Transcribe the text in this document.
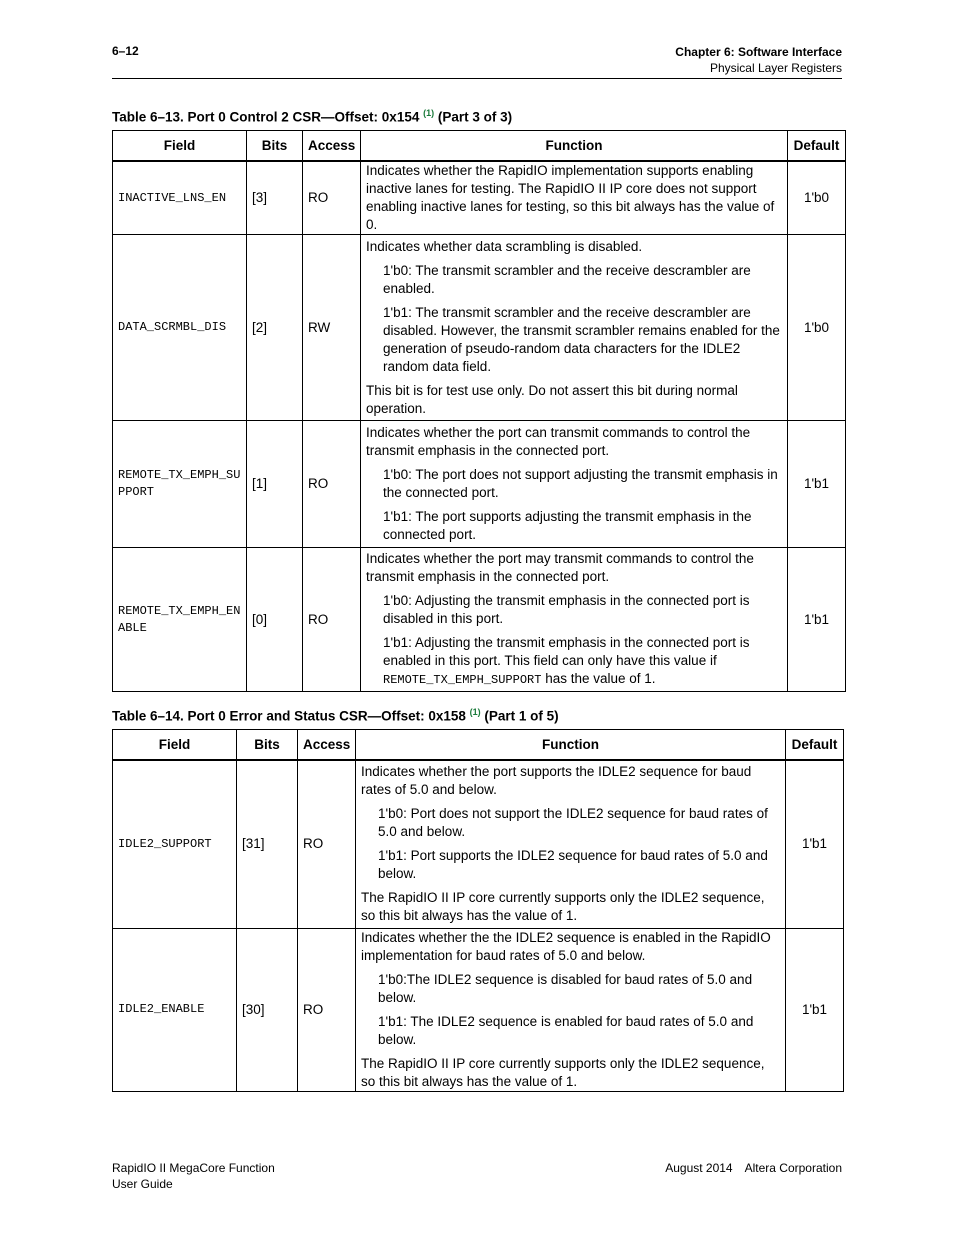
6–12	Chapter 6: Software Interface
Physical Layer Registers
Table 6–13. Port 0 Control 2 CSR—Offset: 0x154 $^{(1)}$ (Part 3 of 3)
Field	Bits	Access	Function	Default
INACTIVE_LNS_EN	[3]	RO	Indicates whether the RapidIO implementation supports enabling inactive lanes for testing. The RapidIO II IP core does not support enabling inactive lanes for testing, so this bit always has the value of 0.	1'b0
DATA_SCRMBL_DIS	[2]	RW	Indicates whether data scrambling is disabled.
1'b0: The transmit scrambler and the receive descrambler are enabled.
1'b1: The transmit scrambler and the receive descrambler are disabled. However, the transmit scrambler remains enabled for the generation of pseudo-random data characters for the IDLE2 random data field.
This bit is for test use only. Do not assert this bit during normal operation.	1'b0
REMOTE_TX_EMPH_SUPPORT	[1]	RO	Indicates whether the port can transmit commands to control the transmit emphasis in the connected port.
1'b0: The port does not support adjusting the transmit emphasis in the connected port.
1'b1: The port supports adjusting the transmit emphasis in the connected port.	1'b1
REMOTE_TX_EMPH_ENABLE	[0]	RO	Indicates whether the port may transmit commands to control the transmit emphasis in the connected port.
1'b0: Adjusting the transmit emphasis in the connected port is disabled in this port.
1'b1: Adjusting the transmit emphasis in the connected port is enabled in this port. This field can only have this value if
REMOTE_TX_EMPH_SUPPORT has the value of 1.	1'b1
Table 6–14. Port 0 Error and Status CSR—Offset: 0x158 $^{(1)}$ (Part 1 of 5)
Field	Bits	Access	Function	Default
IDLE2_SUPPORT	[31]	RO	Indicates whether the port supports the IDLE2 sequence for baud rates of 5.0 and below.
1'b0: Port does not support the IDLE2 sequence for baud rates of 5.0 and below.
1'b1: Port supports the IDLE2 sequence for baud rates of 5.0 and below.
The RapidIO II IP core currently supports only the IDLE2 sequence, so this bit always has the value of 1.	1'b1
IDLE2_ENABLE	[30]	RO	Indicates whether the the IDLE2 sequence is enabled in the RapidIO implementation for baud rates of 5.0 and below.
1'b0:The IDLE2 sequence is disabled for baud rates of 5.0 and below.
1'b1: The IDLE2 sequence is enabled for baud rates of 5.0 and below.
The RapidIO II IP core currently supports only the IDLE2 sequence, so this bit always has the value of 1.	1'b1
RapidIO II MegaCore Function
User Guide
August 2014 Altera Corporation
